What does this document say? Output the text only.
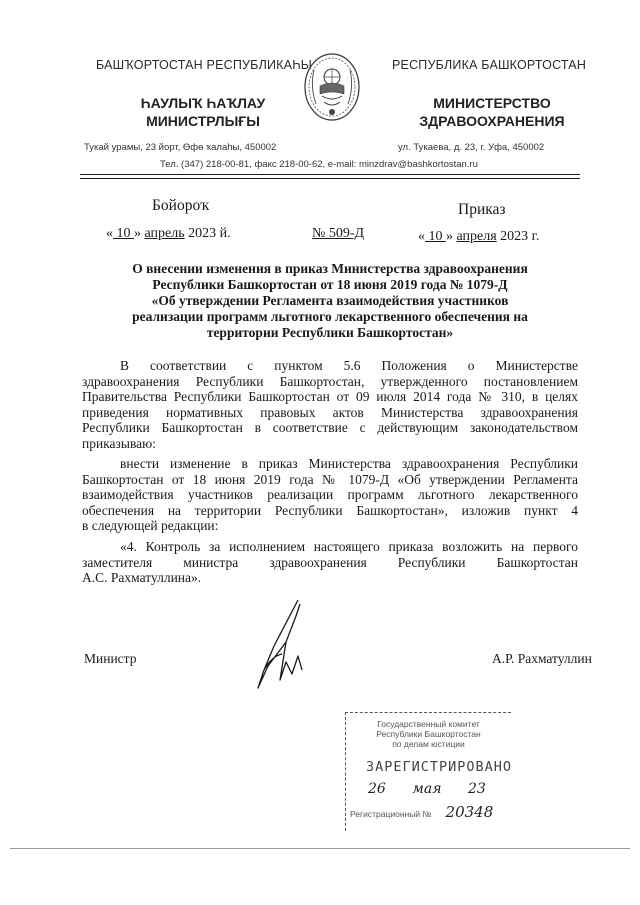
БАШҠОРТОСТАН РЕСПУБЛИКАҺЫ	РЕСПУБЛИКА БАШКОРТОСТАН
ҺАУЛЫҠ ҺАҠЛАУ
МИНИСТРЛЫҒЫ
МИНИСТЕРСТВО
ЗДРАВООХРАНЕНИЯ
Тукай урамы, 23 йорт, Өфө ҡалаһы, 450002	ул. Тукаева, д. 23, г. Уфа, 450002
Тел. (347) 218-00-81, факс 218-00-62, e-mail: minzdrav@bashkortostan.ru
Бойороҡ	Приказ
« 10 » апрель 2023 й.	№ 509-Д	« 10 » апреля 2023 г.
О внесении изменения в приказ Министерства здравоохранения
Республики Башкортостан от 18 июня 2019 года № 1079-Д
«Об утверждении Регламента взаимодействия участников
реализации программ льготного лекарственного обеспечения на
территории Республики Башкортостан»
В соответствии с пунктом 5.6 Положения о Министерстве
здравоохранения Республики Башкортостан, утвержденного постановлением
Правительства Республики Башкортостан от 09 июля 2014 года № 310, в целях
приведения нормативных правовых актов Министерства здравоохранения
Республики Башкортостан в соответствие с действующим законодательством
приказываю:
внести изменение в приказ Министерства здравоохранения Республики
Башкортостан от 18 июня 2019 года № 1079-Д «Об утверждении Регламента
взаимодействия участников реализации программ льготного лекарственного
обеспечения на территории Республики Башкортостан», изложив пункт 4
в следующей редакции:
«4. Контроль за исполнением настоящего приказа возложить на первого
заместителя министра здравоохранения Республики Башкортостан
А.С. Рахматуллина».
Министр	А.Р. Рахматуллин
Государственный комитет
Республики Башкортостан
по делам юстиции
ЗАРЕГИСТРИРОВАНО
26 мая 23
Регистрационный № 20348
